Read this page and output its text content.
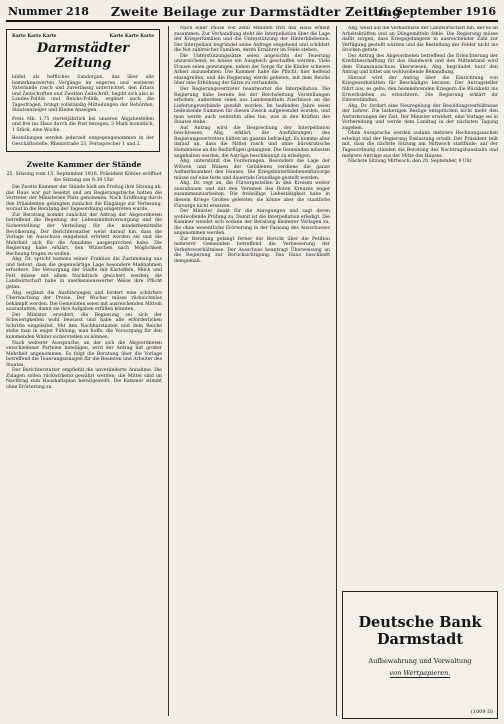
Nummer 218	Zweite Beilage zur Darmstädter Zeitung
16. September 1916
Karte Karte Karte	Karte Karte Karte
Darmstädter Zeitung
bildet als heffliches Sandorgan, das über alle bemerkenswerten Vorgänge im engeren und weiteren Vaterlande rasch und zuverlässig unterrichtet, den Erlass und Zeitschriften und Zweiten Zeitschrift, begibt sich also in Landes-Politik und Reichs-Politik, ergänzt auch die Tagesfragen, bringt vollständig Mitteilungen der Behörden, Staatsanzeiger und Kleine Anzeigen.
Preis Mk. 1,75 vierteljährlich bei unseren Abgabestellen und frei ins Haus durch die Post bezogen, 3 Mark monatlich, 1 Stück, eine Woche.
Bestellungen werden jederzeit entgegengenommen in der Geschäftsstelle, Rheinstraße 23, Fernsprecher 1 und 2.
Zweite Kammer der Stände
25. Sitzung vom 15. September 1916. Präsident Köhler eröffnet die Sitzung um 9.30 Uhr.

Die Zweite Kammer der Stände hielt am Freitag ihre Sitzung ab; das Haus war gut besetzt und am Regierungstische hatten die Vertreter der Ministerien Platz genommen. Nach Eröffnung durch den Präsidenten gelangten zunächst die Eingänge zur Verlesung, worauf in die Beratung der Tagesordnung eingetreten wurde.

Zur Beratung kommt zunächst der Antrag der Abgeordneten betreffend die Regelung der Lebensmittelversorgung und die Sicherstellung der Verteilung für die minderbemittelte Bevölkerung. Der Berichterstatter weist darauf hin, dass die Vorlage im Ausschuss eingehend erörtert worden sei und die Mehrheit sich für die Annahme ausgesprochen habe. Die Regierung habe erklärt, den Wünschen nach Möglichkeit Rechnung tragen zu wollen.

Abg. Dr. spricht namens seiner Fraktion die Zustimmung aus und betont, dass die gegenwärtige Lage besondere Maßnahmen erfordere. Die Versorgung der Städte mit Kartoffeln, Milch und Fett müsse mit allem Nachdruck gesichert werden; die Landwirtschaft habe in anerkennenswerter Weise ihre Pflicht getan.

Abg. ergänzt die Ausführungen und fordert eine schärfere Überwachung der Preise. Der Wucher müsse rücksichtslos bekämpft werden. Die Gemeinden seien mit ausreichenden Mitteln auszustatten, damit sie ihre Aufgaben erfüllen könnten.

Der Minister erwidert, die Regierung sei sich der Schwierigkeiten wohl bewusst und habe alle erforderlichen Schritte eingeleitet. Mit den Nachbarstaaten und dem Reiche stehe man in enger Fühlung; man hoffe, die Versorgung für den kommenden Winter sicherstellen zu können.

Nach weiterer Aussprache, an der sich die Abgeordneten verschiedener Parteien beteiligen, wird der Antrag mit großer Mehrheit angenommen. Es folgt die Beratung über die Vorlage betreffend die Teuerungszulagen für die Beamten und Arbeiter des Staates.

Der Berichterstatter empfiehlt die unveränderte Annahme. Die Zulagen sollen rückwirkend gewährt werden; die Mittel sind im Nachtrag zum Haushaltsplan bereitgestellt. Die Kammer stimmt ohne Erörterung zu.

Nach einer Pause von zehn Minuten tritt das Haus erneut zusammen. Zur Verhandlung steht die Interpellation über die Lage der Kriegerfamilien und die Unterstützung der Hinterbliebenen. Der Interpellant begründet seine Anfrage eingehend und schildert die Not zahlreicher Familien, deren Ernährer im Felde stehen.

Die Unterstützungssätze seien angesichts der Teuerung unzureichend; es müsse ein Ausgleich geschaffen werden. Viele Frauen seien gezwungen, neben der Sorge für die Kinder schwere Arbeit anzunehmen. Die Kammer habe die Pflicht, hier helfend einzugreifen, und die Regierung werde gebeten, mit dem Reiche über eine Erhöhung der Sätze zu verhandeln.

Der Regierungsvertreter beantwortet die Interpellation. Die Regierung habe bereits bei der Reichsleitung Vorstellungen erhoben; außerdem seien aus Landesmitteln Zuschüsse an die Lieferungsverbände gezahlt worden. Im laufenden Jahre seien bedeutende Summen für diesen Zweck aufgewendet worden, und man werde auch weiterhin alles tun, was in den Kräften des Staates stehe.

Auf Antrag wird die Besprechung der Interpellation beschlossen. Abg. erklärt, die Ausführungen des Regierungsvertreters hätten im ganzen befriedigt. Es komme aber darauf an, dass die Mittel rasch und ohne bürokratische Hemmnisse an die Bedürftigen gelangten. Die Gemeinden müssten angehalten werden, die Anträge beschleunigt zu erledigen.

Abg. unterstützt die Forderungen. Besonders die Lage der Witwen und Waisen der Gefallenen verdiene die ganze Aufmerksamkeit des Hauses. Die Kriegshinterbliebenenfürsorge müsse auf eine feste und dauernde Grundlage gestellt werden.

Abg. Dr. regt an, die Fürsorgestellen in den Kreisen weiter auszubauen und mit den Vereinen des Roten Kreuzes enger zusammenzuarbeiten. Die freiwillige Liebestätigkeit habe in diesem Kriege Großes geleistet; sie könne aber die staatliche Fürsorge nicht ersetzen.

Der Minister dankt für die Anregungen und sagt deren wohlwollende Prüfung zu. Damit ist die Interpellation erledigt. Die Kammer wendet sich sodann der Beratung kleinerer Vorlagen zu, die ohne wesentliche Erörterung in der Fassung des Ausschusses angenommen werden.

Zur Beratung gelangt ferner der Bericht über die Petition mehrerer Gemeinden betreffend die Verbesserung der Verkehrsverhältnisse. Der Ausschuss beantragt Überweisung an die Regierung zur Berücksichtigung. Das Haus beschließt demgemäß.

Abg. weist auf die Verhältnisse der Landwirtschaft hin, der es an Arbeitskräften und an Düngemitteln fehle. Die Regierung müsse dafür sorgen, dass Kriegsgefangene in ausreichender Zahl zur Verfügung gestellt würden und die Bestellung der Felder nicht ins Stocken gerate.

Der Antrag des Abgeordneten betreffend die Erleichterung der Kreditbeschaffung für das Handwerk und den Mittelstand wird dem Finanzausschuss überwiesen. Abg. begründet kurz den Antrag und bittet um wohlwollende Behandlung.

Hierauf wird der Antrag über die Einrichtung von Kriegswerkstätten für Beschädigte beraten. Der Antragsteller führt aus, es gelte, den heimkehrenden Kriegern die Rückkehr ins Erwerbsleben zu erleichtern. Die Regierung erklärt ihr Einverständnis.

Abg. Dr. fordert eine Neuregelung der Besoldungsverhältnisse der Lehrer. Die bisherigen Bezüge entsprächen nicht mehr den Anforderungen der Zeit. Der Minister erwidert, eine Vorlage sei in Vorbereitung und werde dem Landtag in der nächsten Tagung zugehen.

Ohne Aussprache werden sodann mehrere Rechnungssachen erledigt und der Regierung Entlastung erteilt. Der Präsident teilt mit, dass die nächste Sitzung am Mittwoch stattfinde; auf der Tagesordnung stünden die Beratung des Nachtragshaushalts und mehrere Anträge aus der Mitte des Hauses.

Nächste Sitzung Mittwoch, den 20. September, 9 Uhr.

Deutsche Bank Darmstadt
Aufbewahrung und Verwaltung
von Wertpapieren.
(1009 II)
